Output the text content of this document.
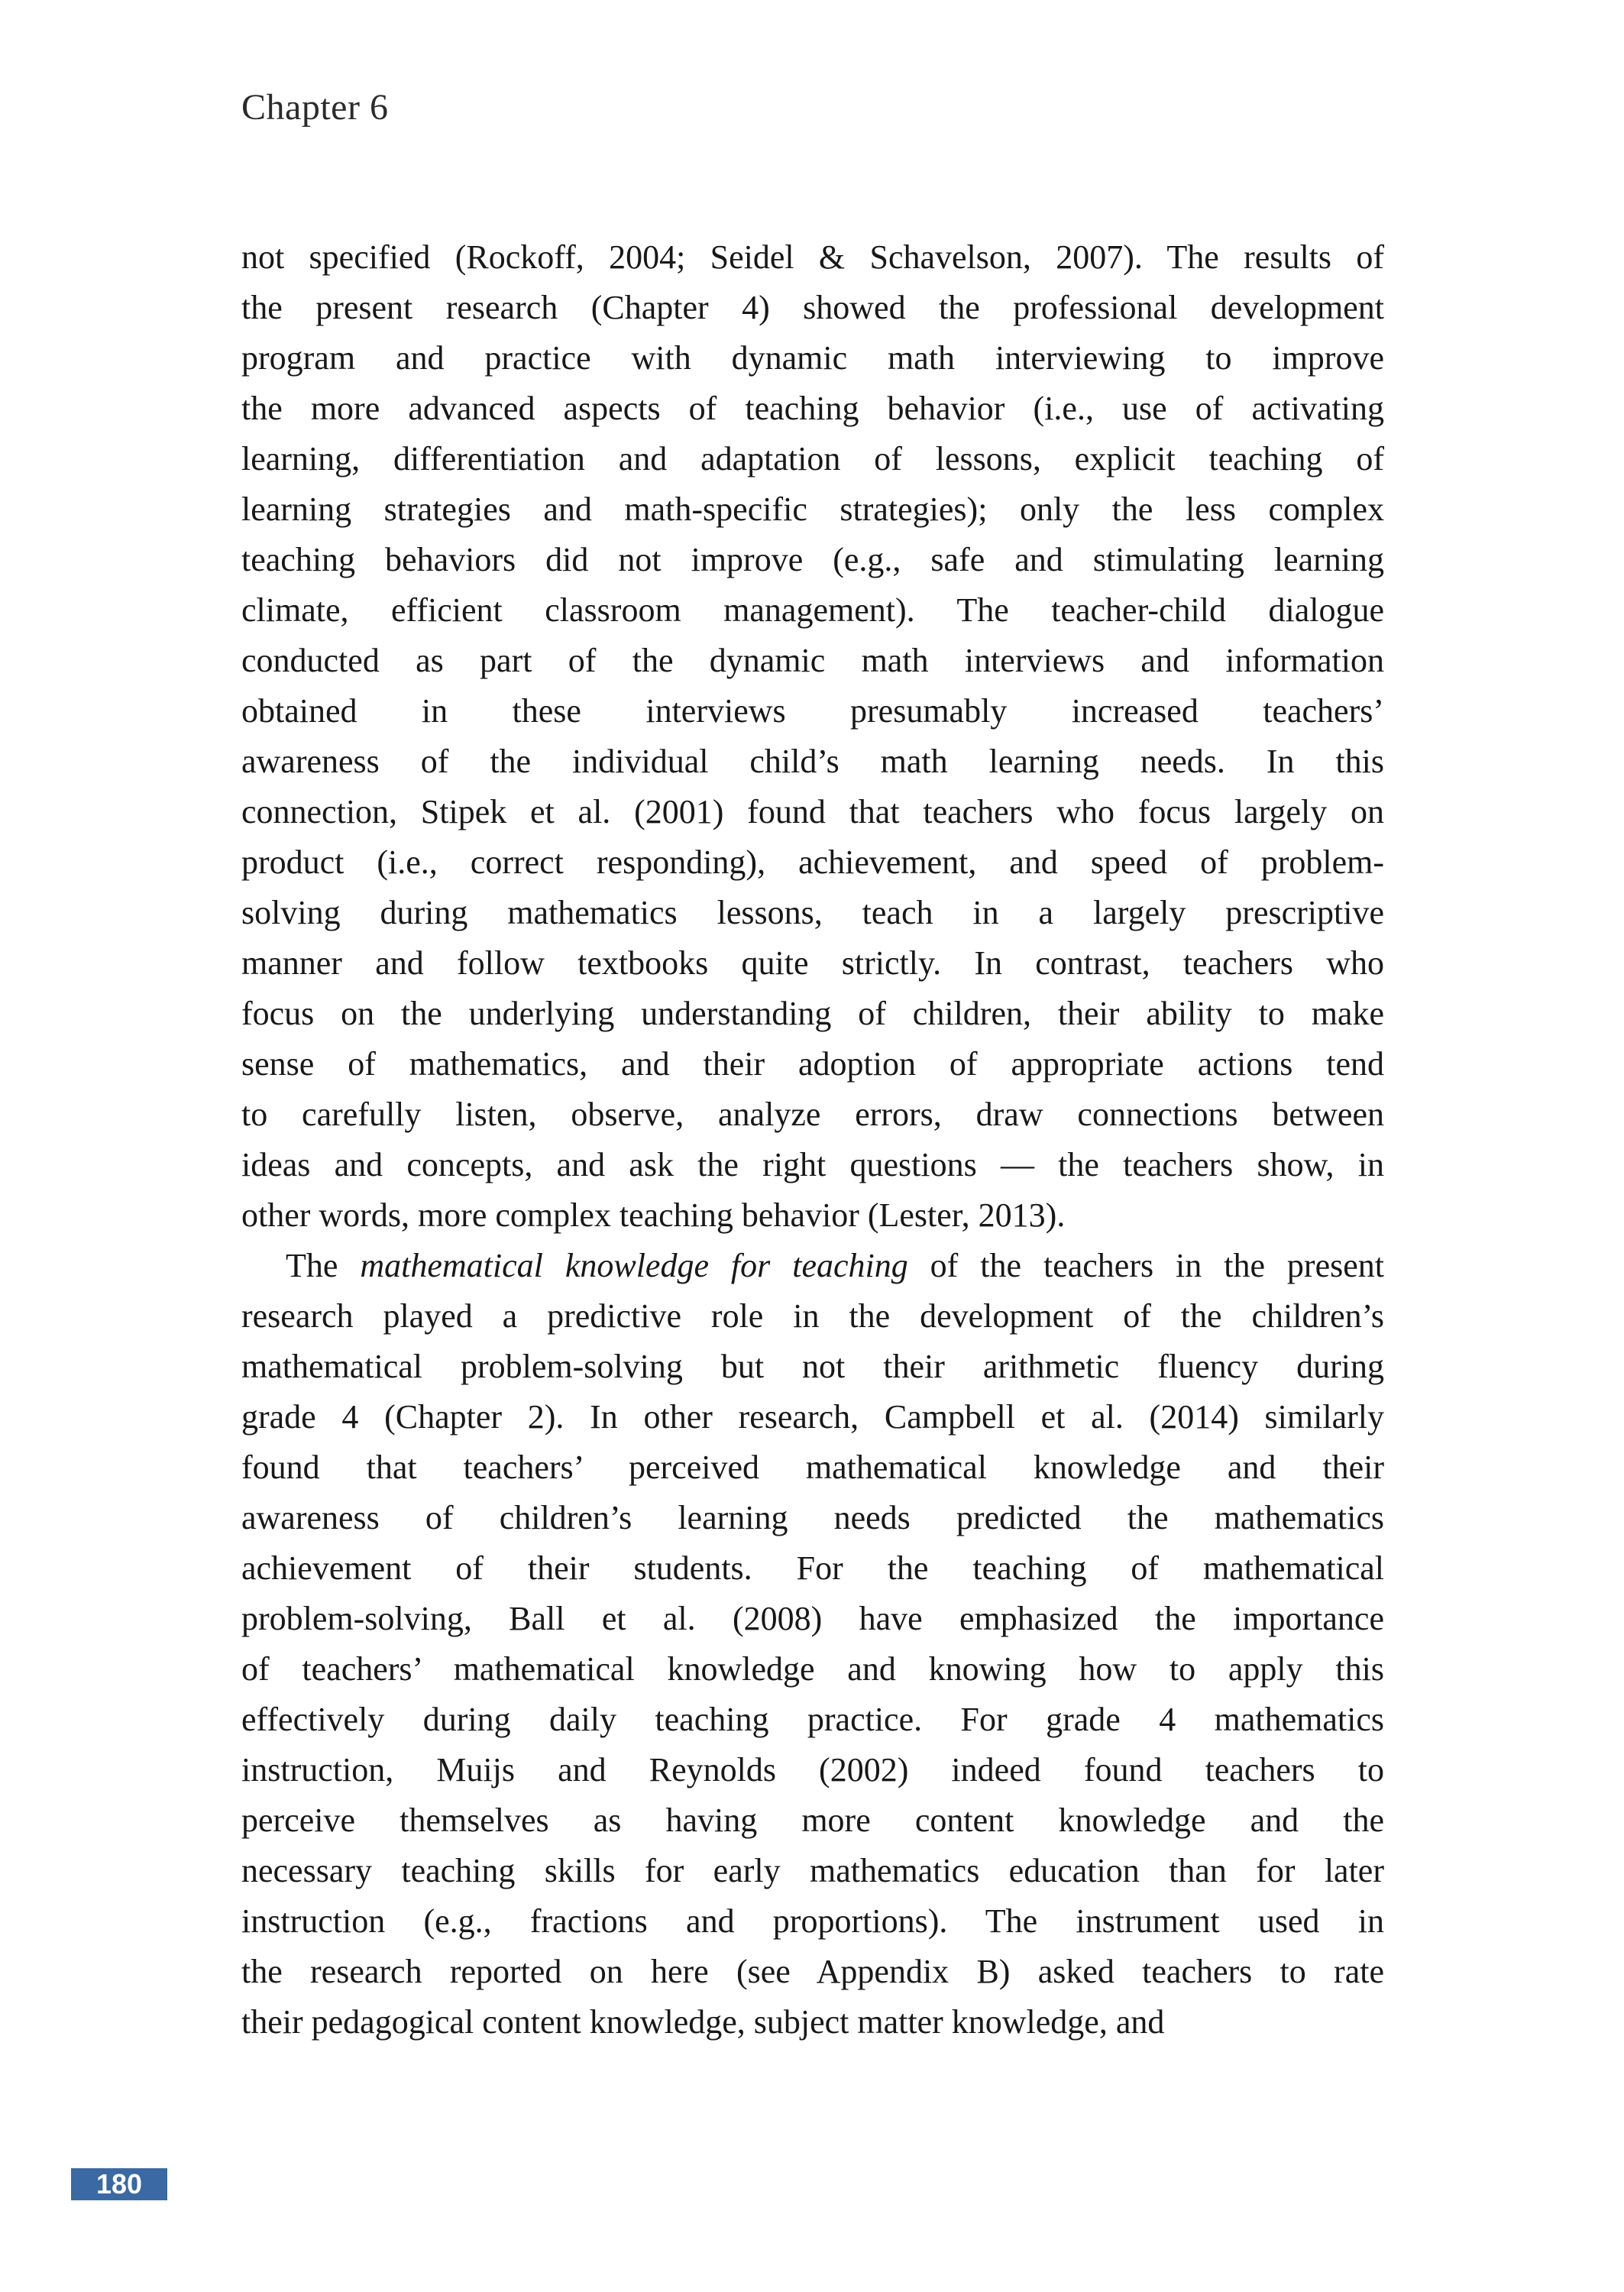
Chapter 6
not specified (Rockoff, 2004; Seidel & Schavelson, 2007). The results of
the present research (Chapter 4) showed the professional development
program and practice with dynamic math interviewing to improve
the more advanced aspects of teaching behavior (i.e., use of activating
learning, differentiation and adaptation of lessons, explicit teaching of
learning strategies and math-specific strategies); only the less complex
teaching behaviors did not improve (e.g., safe and stimulating learning
climate, efficient classroom management). The teacher-child dialogue
conducted as part of the dynamic math interviews and information
obtained in these interviews presumably increased teachers’
awareness of the individual child’s math learning needs. In this
connection, Stipek et al. (2001) found that teachers who focus largely on
product (i.e., correct responding), achievement, and speed of problem-
solving during mathematics lessons, teach in a largely prescriptive
manner and follow textbooks quite strictly. In contrast, teachers who
focus on the underlying understanding of children, their ability to make
sense of mathematics, and their adoption of appropriate actions tend
to carefully listen, observe, analyze errors, draw connections between
ideas and concepts, and ask the right questions — the teachers show, in
other words, more complex teaching behavior (Lester, 2013).
The mathematical knowledge for teaching of the teachers in the present
research played a predictive role in the development of the children’s
mathematical problem-solving but not their arithmetic fluency during
grade 4 (Chapter 2). In other research, Campbell et al. (2014) similarly
found that teachers’ perceived mathematical knowledge and their
awareness of children’s learning needs predicted the mathematics
achievement of their students. For the teaching of mathematical
problem-solving, Ball et al. (2008) have emphasized the importance
of teachers’ mathematical knowledge and knowing how to apply this
effectively during daily teaching practice. For grade 4 mathematics
instruction, Muijs and Reynolds (2002) indeed found teachers to
perceive themselves as having more content knowledge and the
necessary teaching skills for early mathematics education than for later
instruction (e.g., fractions and proportions). The instrument used in
the research reported on here (see Appendix B) asked teachers to rate
their pedagogical content knowledge, subject matter knowledge, and
180
